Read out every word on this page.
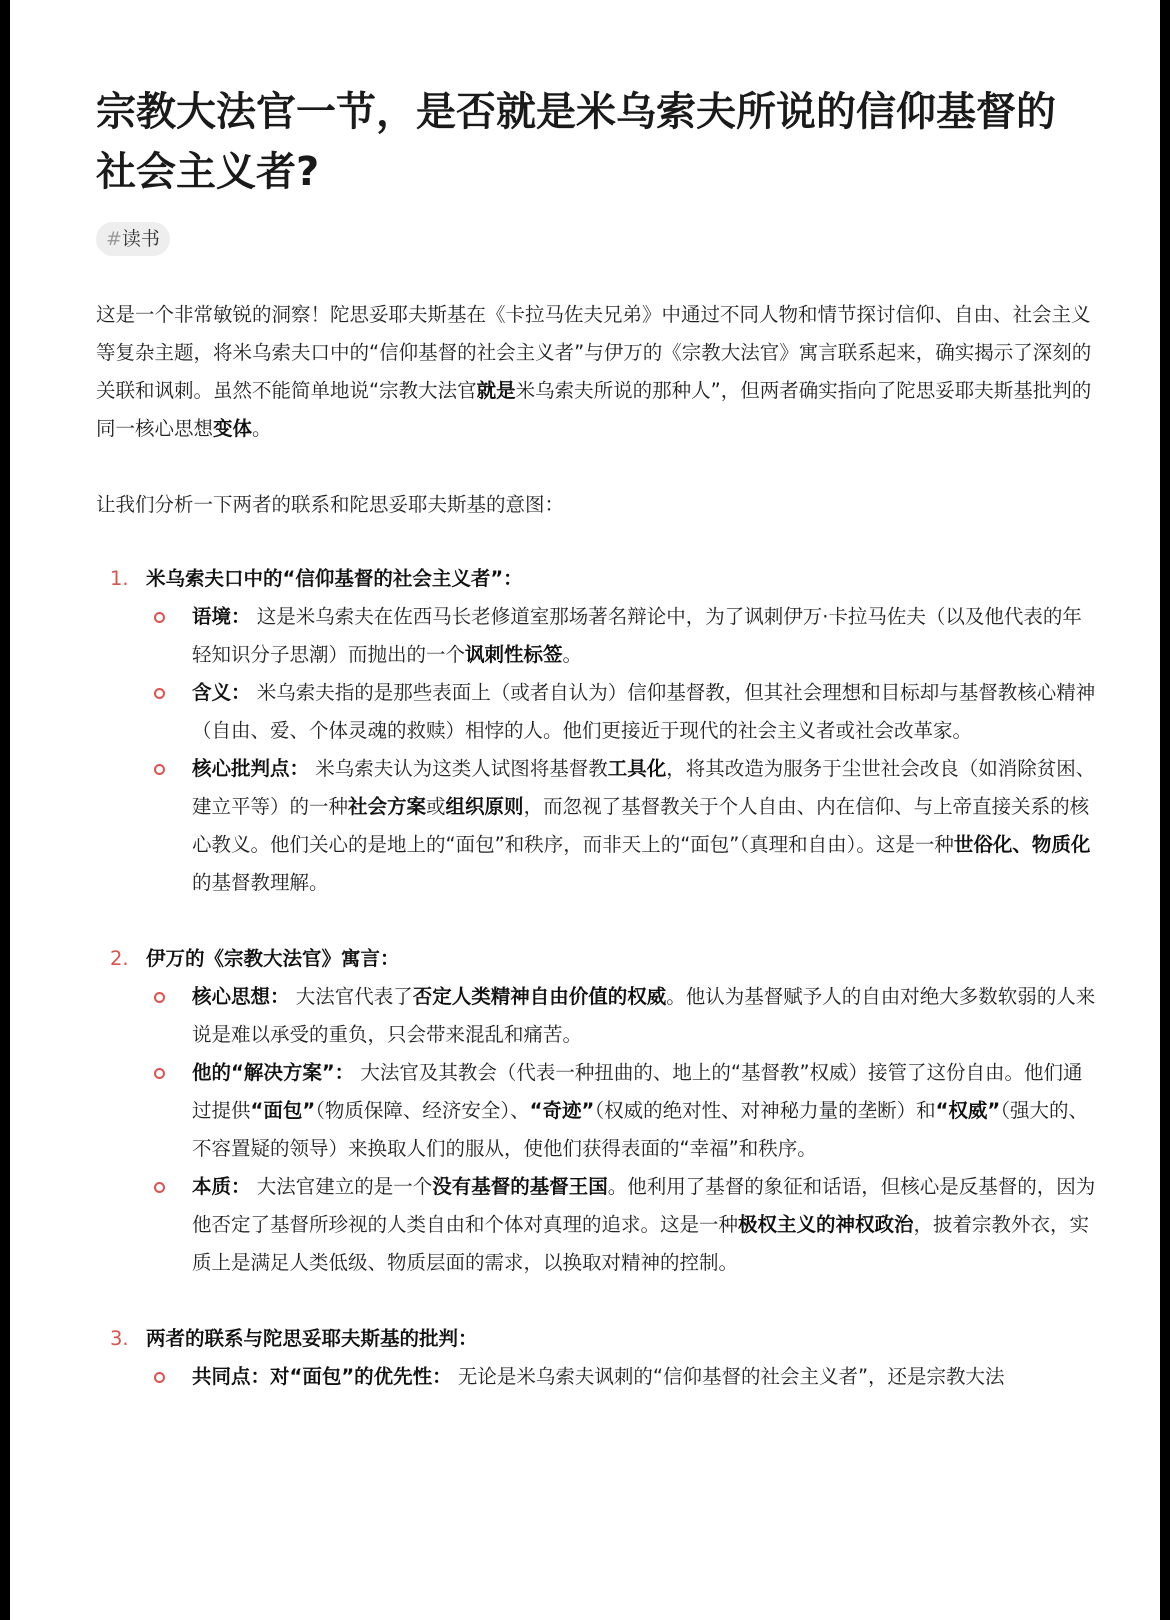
宗教大法官一节，是否就是米乌索夫所说的信仰基督的社会主义者?
#读书

这是一个非常敏锐的洞察！陀思妥耶夫斯基在《卡拉马佐夫兄弟》中通过不同人物和情节探讨信仰、自由、社会主义等复杂主题，将米乌索夫口中的“信仰基督的社会主义者”与伊万的《宗教大法官》寓言联系起来，确实揭示了深刻的关联和讽刺。虽然不能简单地说“宗教大法官就是米乌索夫所说的那种人”，但两者确实指向了陀思妥耶夫斯基批判的同一核心思想变体。

让我们分析一下两者的联系和陀思妥耶夫斯基的意图：

1. 米乌索夫口中的“信仰基督的社会主义者”：
语境： 这是米乌索夫在佐西马长老修道室那场著名辩论中，为了讽刺伊万·卡拉马佐夫（以及他代表的年轻知识分子思潮）而抛出的一个讽刺性标签。
含义： 米乌索夫指的是那些表面上（或者自认为）信仰基督教，但其社会理想和目标却与基督教核心精神（自由、爱、个体灵魂的救赎）相悖的人。他们更接近于现代的社会主义者或社会改革家。
核心批判点： 米乌索夫认为这类人试图将基督教工具化，将其改造为服务于尘世社会改良（如消除贫困、建立平等）的一种社会方案或组织原则，而忽视了基督教关于个人自由、内在信仰、与上帝直接关系的核心教义。他们关心的是地上的“面包”和秩序，而非天上的“面包”（真理和自由）。这是一种世俗化、物质化的基督教理解。
2. 伊万的《宗教大法官》寓言：
核心思想： 大法官代表了否定人类精神自由价值的权威。他认为基督赋予人的自由对绝大多数软弱的人来说是难以承受的重负，只会带来混乱和痛苦。
他的“解决方案”： 大法官及其教会（代表一种扭曲的、地上的“基督教”权威）接管了这份自由。他们通过提供“面包”（物质保障、经济安全）、“奇迹”（权威的绝对性、对神秘力量的垄断）和“权威”（强大的、不容置疑的领导）来换取人们的服从，使他们获得表面的“幸福”和秩序。
本质： 大法官建立的是一个没有基督的基督王国。他利用了基督的象征和话语，但核心是反基督的，因为他否定了基督所珍视的人类自由和个体对真理的追求。这是一种极权主义的神权政治，披着宗教外衣，实质上是满足人类低级、物质层面的需求，以换取对精神的控制。
3. 两者的联系与陀思妥耶夫斯基的批判：
共同点：对“面包”的优先性： 无论是米乌索夫讽刺的“信仰基督的社会主义者”，还是宗教大法
